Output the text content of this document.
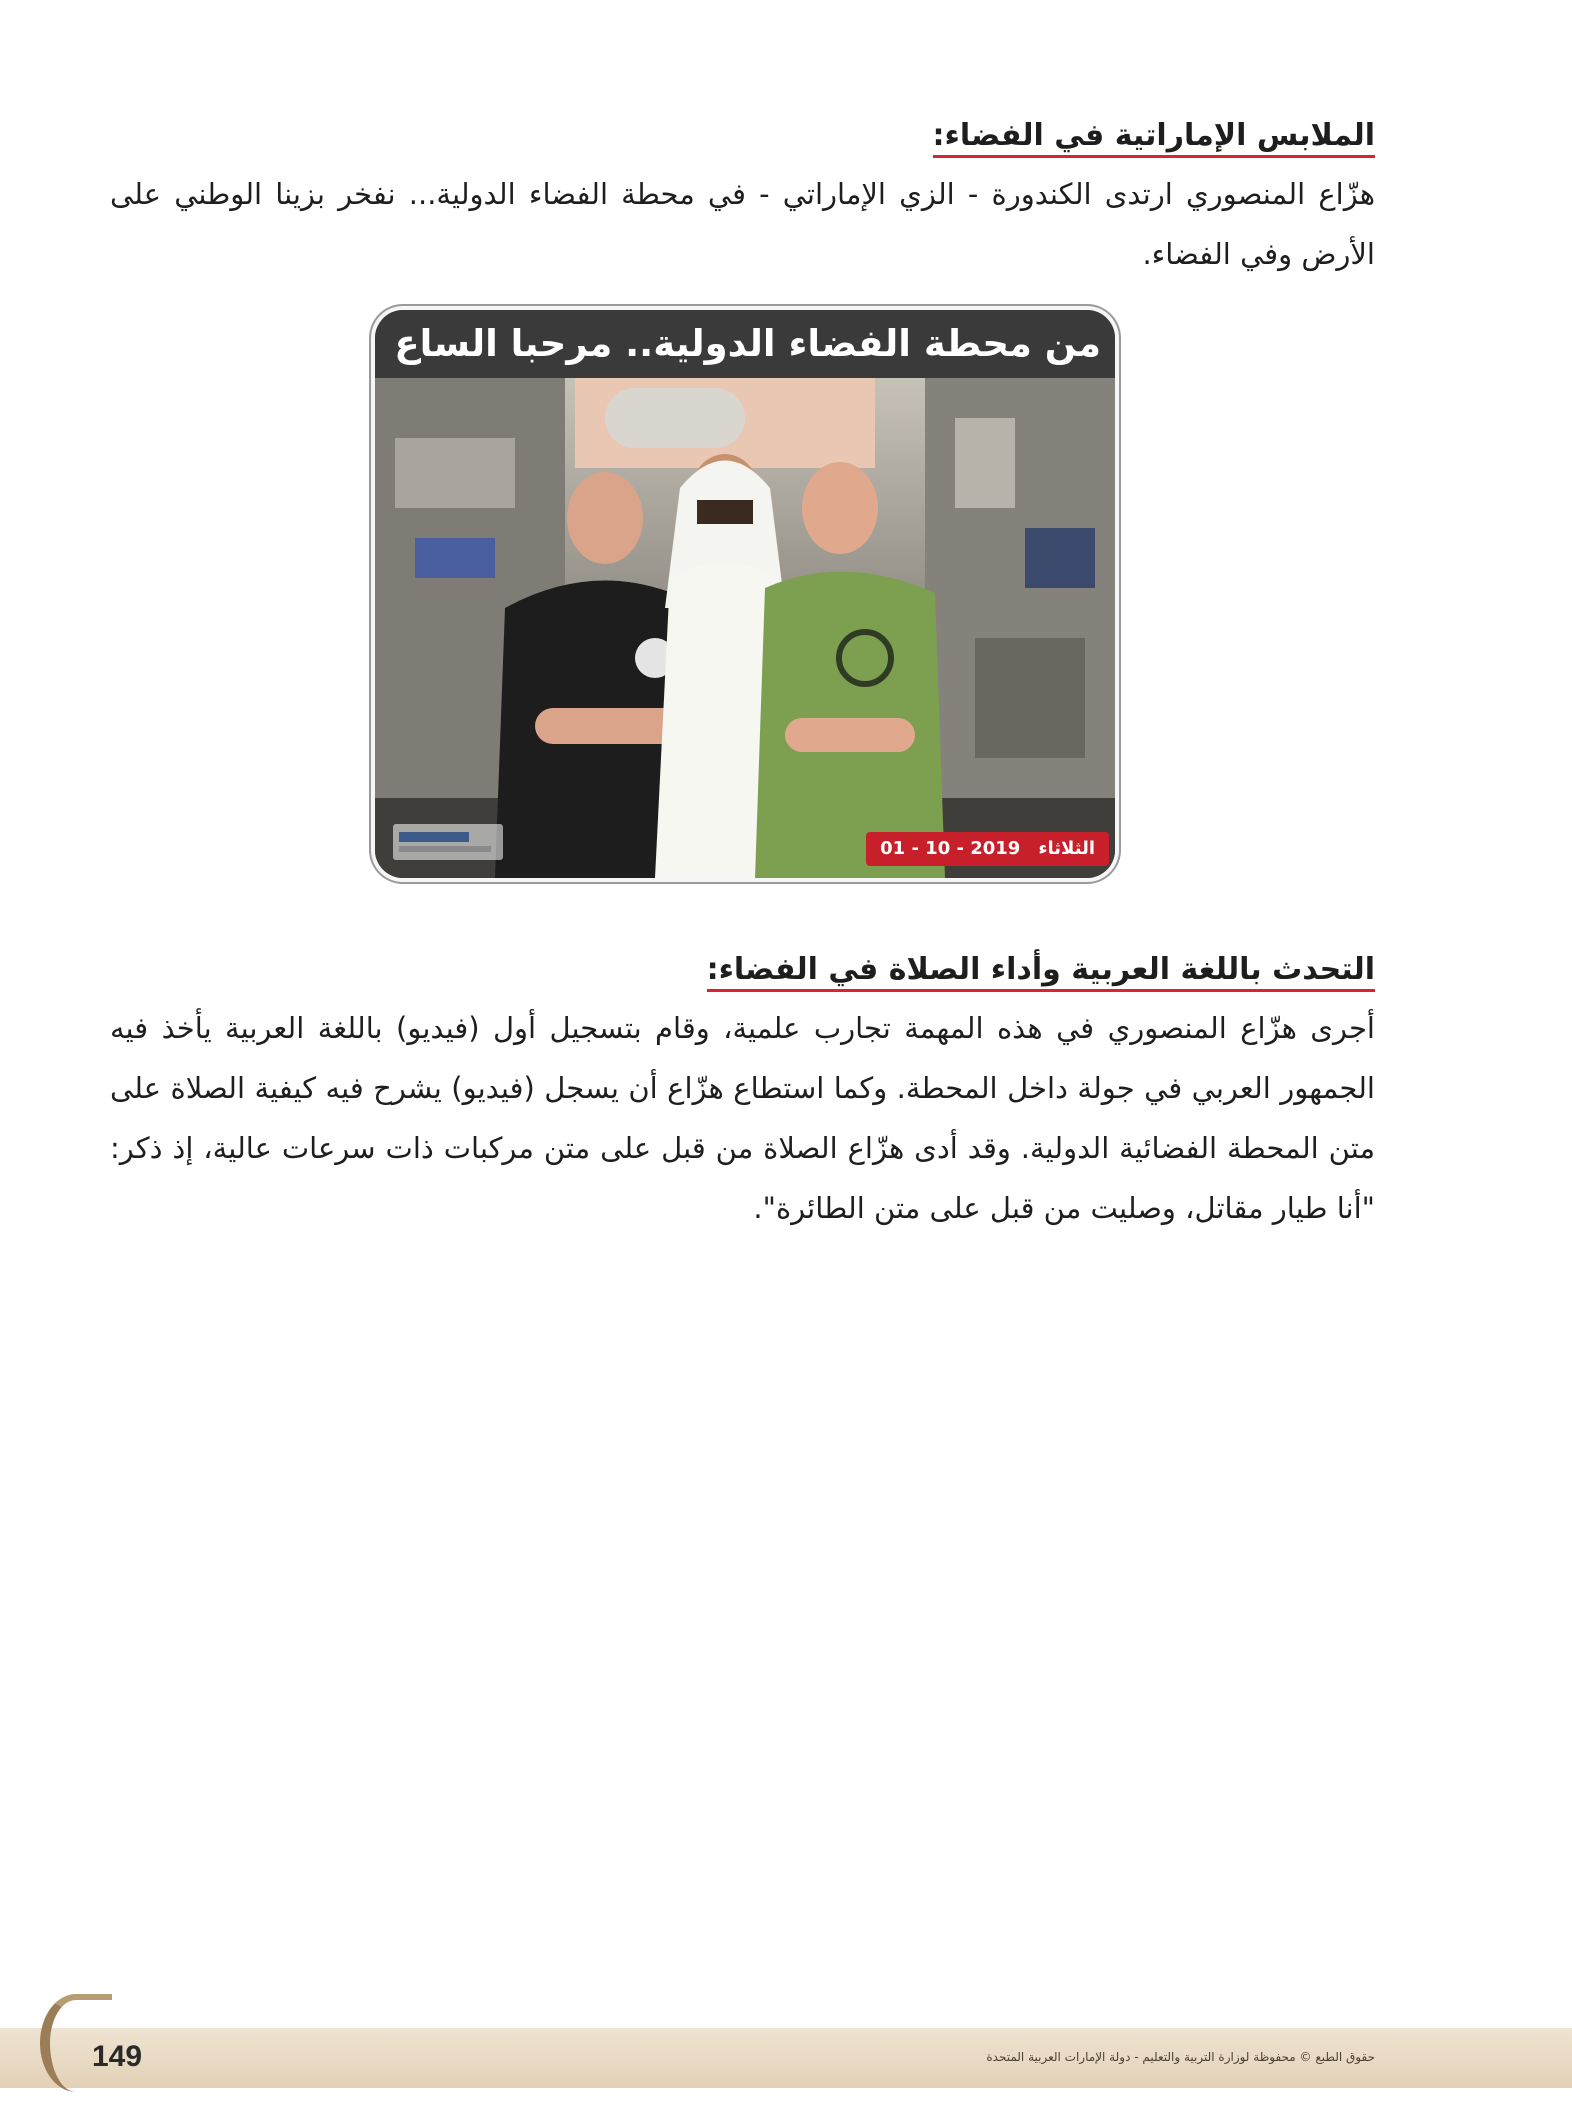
الملابس الإماراتية في الفضاء:

هزّاع المنصوري ارتدى الكندورة - الزي الإماراتي - في محطة الفضاء الدولية... نفخر بزينا الوطني على الأرض وفي الفضاء.

من محطة الفضاء الدولية.. مرحبا الساع
الثلاثاء01 - 10 - 2019
التحدث باللغة العربية وأداء الصلاة في الفضاء:

أجرى هزّاع المنصوري في هذه المهمة تجارب علمية، وقام بتسجيل أول (فيديو) باللغة العربية يأخذ فيه الجمهور العربي في جولة داخل المحطة. وكما استطاع هزّاع أن يسجل (فيديو) يشرح فيه كيفية الصلاة على متن المحطة الفضائية الدولية. وقد أدى هزّاع الصلاة من قبل على متن مركبات ذات سرعات عالية، إذ ذكر: "أنا طيار مقاتل، وصليت من قبل على متن الطائرة".

149	حقوق الطبع © محفوظة لوزارة التربية والتعليم - دولة الإمارات العربية المتحدة
